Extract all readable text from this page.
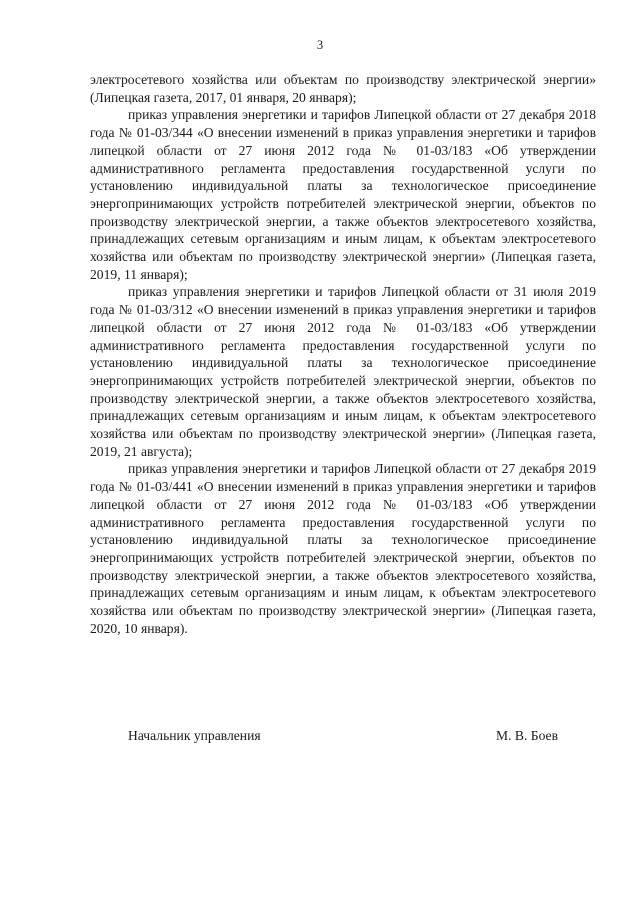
3

электросетевого хозяйства или объектам по производству электрической энергии» (Липецкая газета, 2017, 01 января, 20 января);

приказ управления энергетики и тарифов Липецкой области от 27 декабря 2018 года № 01-03/344 «О внесении изменений в приказ управления энергетики и тарифов липецкой области от 27 июня 2012 года № 01-03/183 «Об утверждении административного регламента предоставления государственной услуги по установлению индивидуальной платы за технологическое присоединение энергопринимающих устройств потребителей электрической энергии, объектов по производству электрической энергии, а также объектов электросетевого хозяйства, принадлежащих сетевым организациям и иным лицам, к объектам электросетевого хозяйства или объектам по производству электрической энергии» (Липецкая газета, 2019, 11 января);

приказ управления энергетики и тарифов Липецкой области от 31 июля 2019 года № 01-03/312 «О внесении изменений в приказ управления энергетики и тарифов липецкой области от 27 июня 2012 года № 01-03/183 «Об утверждении административного регламента предоставления государственной услуги по установлению индивидуальной платы за технологическое присоединение энергопринимающих устройств потребителей электрической энергии, объектов по производству электрической энергии, а также объектов электросетевого хозяйства, принадлежащих сетевым организациям и иным лицам, к объектам электросетевого хозяйства или объектам по производству электрической энергии» (Липецкая газета, 2019, 21 августа);

приказ управления энергетики и тарифов Липецкой области от 27 декабря 2019 года № 01-03/441 «О внесении изменений в приказ управления энергетики и тарифов липецкой области от 27 июня 2012 года № 01-03/183 «Об утверждении административного регламента предоставления государственной услуги по установлению индивидуальной платы за технологическое присоединение энергопринимающих устройств потребителей электрической энергии, объектов по производству электрической энергии, а также объектов электросетевого хозяйства, принадлежащих сетевым организациям и иным лицам, к объектам электросетевого хозяйства или объектам по производству электрической энергии» (Липецкая газета, 2020, 10 января).

Начальник управления	М. В. Боев
